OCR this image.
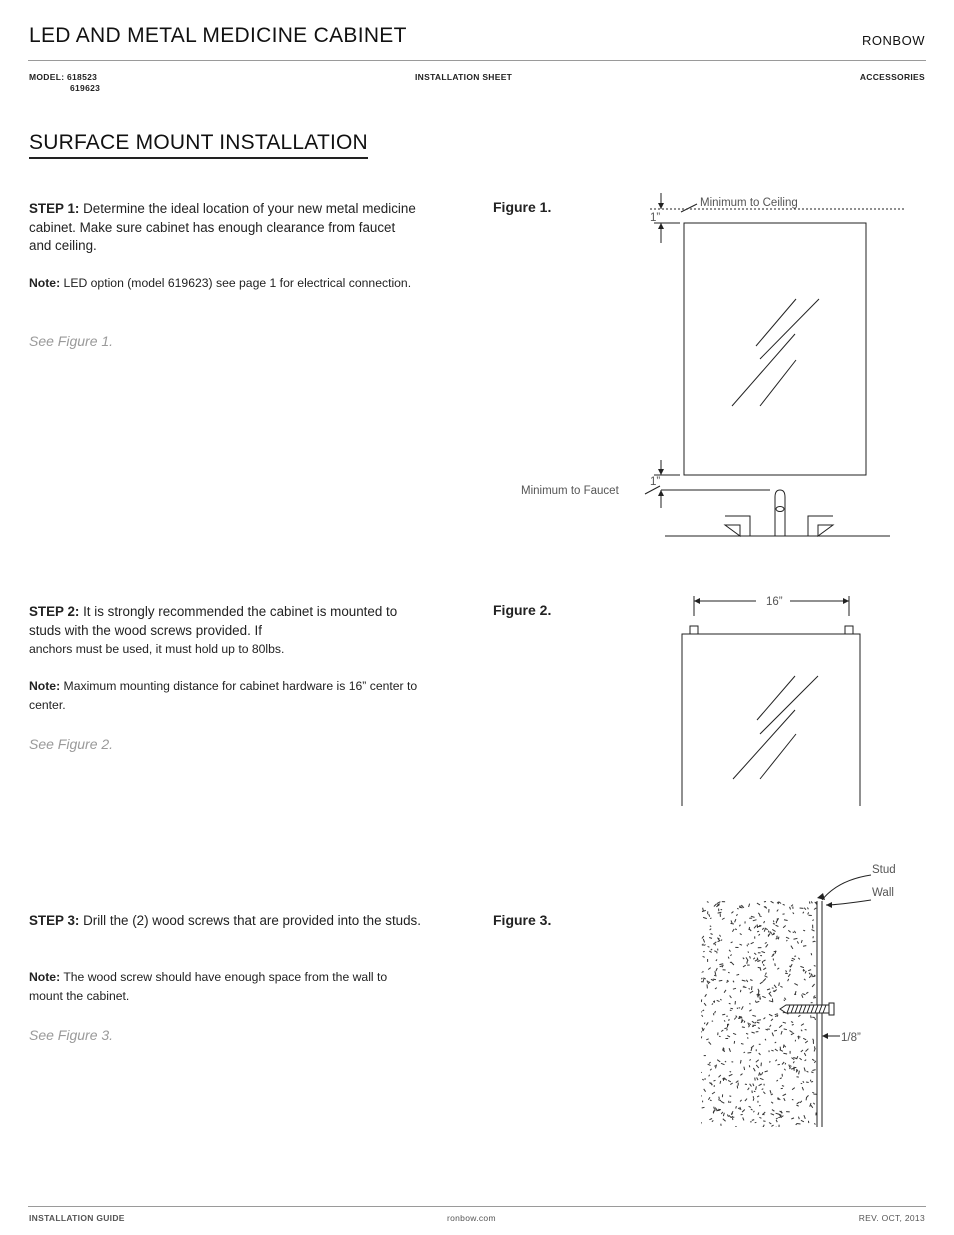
LED AND METAL MEDICINE CABINET	RONBOW
MODEL: 618523
619623
INSTALLATION SHEET	ACCESSORIES
SURFACE MOUNT INSTALLATION
STEP 1: Determine the ideal location of your new metal medicine cabinet. Make sure cabinet has enough clearance from faucet and ceiling.
Note: LED option (model 619623) see page 1 for electrical connection.
See Figure 1.
Figure 1.
STEP 2: It is strongly recommended the cabinet is mounted to studs with the wood screws provided. If
anchors must be used, it must hold up to 80lbs.
Note: Maximum mounting distance for cabinet hardware is 16” center to center.
See Figure 2.
Figure 2.
STEP 3: Drill the (2) wood screws that are provided into the studs.
Note: The wood screw should have enough space from the wall to mount the cabinet.
See Figure 3.
Figure 3.
Minimum to Ceiling
1”
Minimum to Faucet
1”
16”
Stud
Wall
1/8”
INSTALLATION GUIDE	ronbow.com	REV. OCT, 2013
